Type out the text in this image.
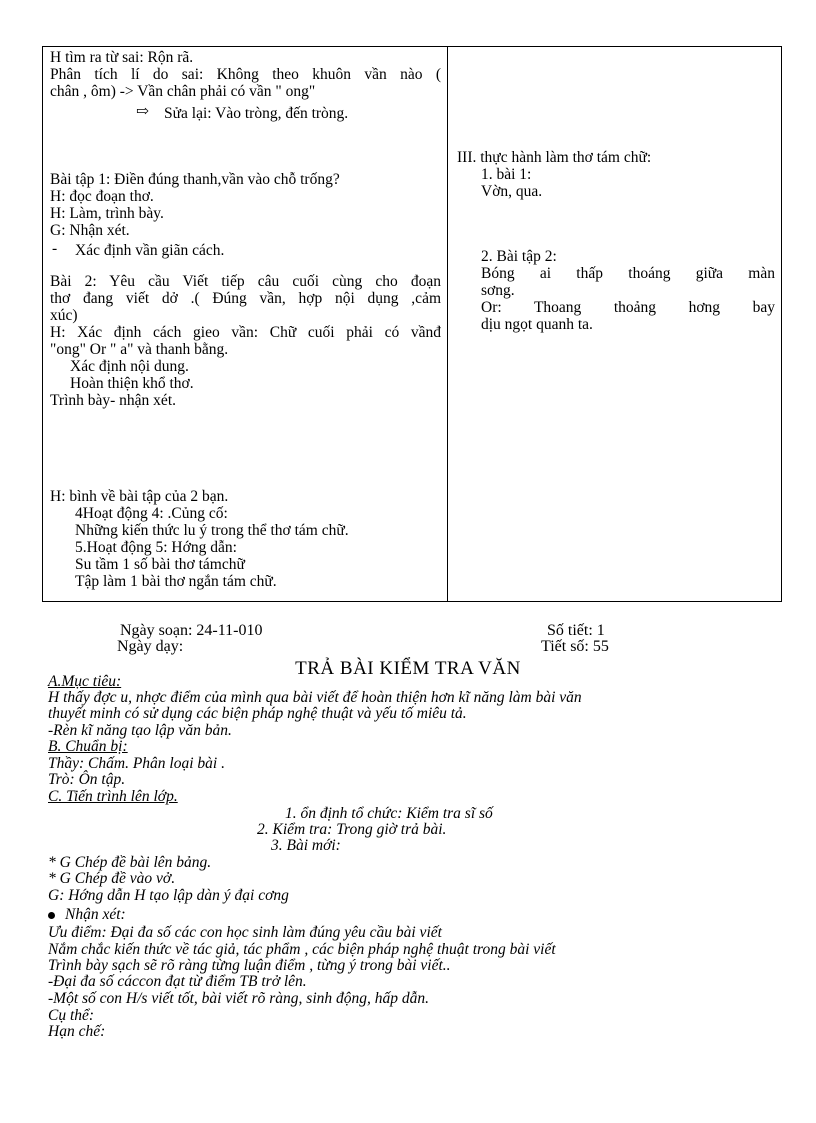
H tìm ra từ sai: Rộn rã.
Phân tích lí do sai: Không theo khuôn vần nào (
chân , ôm) -> Vần chân phải có vần " ong"
⇨ Sửa lại: Vào tròng, đến tròng.
Bài tập 1: Điền đúng thanh,vần vào chỗ trống?
H: đọc đoạn thơ.
H: Làm, trình bày.
G: Nhận xét.
- Xác định vần giãn cách.
Bài 2: Yêu cầu Viết tiếp câu cuối cùng cho đoạn
thơ đang viết dở .( Đúng vần, hợp nội dụng ,cảm
xúc)
H: Xác định cách gieo vần: Chữ cuối phải có vầnđ
"ong" Or " a" và thanh bằng.
Xác định nội dung.
Hoàn thiện khổ thơ.
Trình bày- nhận xét.
H: bình về bài tập của 2 bạn.
4Hoạt động 4: .Củng cố:
Những kiến thức lu ý trong thể thơ tám chữ.
5.Hoạt động 5: Hớng dẫn:
Su tầm 1 số bài thơ támchữ
Tập làm 1 bài thơ ngắn tám chữ.
III. thực hành làm thơ tám chữ:
1. bài 1:
Vờn, qua.
2. Bài tập 2:
Bóng ai thấp thoáng giữa màn
sơng.
Or: Thoang thoảng hơng bay
dịu ngọt quanh ta.
Ngày soạn: 24-11-010
Ngày dạy:
Số tiết: 1
Tiết số: 55
TRẢ BÀI KIỂM TRA VĂN
A.Mục tiêu:
H thấy đợc u, nhợc điểm của mình qua bài viết để hoàn thiện hơn kĩ năng làm bài văn
thuyết minh có sử dụng các biện pháp nghệ thuật và yếu tố miêu tả.
-Rèn kĩ năng tạo lập văn bản.
B. Chuẩn bị:
Thầy: Chấm. Phân loại bài .
Trò: Ôn tập.
C. Tiến trình lên lớp.
1. ổn định tổ chức: Kiểm tra sĩ số
2. Kiểm tra: Trong giờ trả bài.
3. Bài mới:
* G Chép đề bài lên bảng.
* G Chép đề vào vở.
G: Hớng dẫn H tạo lập dàn ý đại cơng
Nhận xét:
Ưu điểm: Đại đa số các con học sinh làm đúng yêu cầu bài viết
Nắm chắc kiến thức về tác giả, tác phẩm , các biện pháp nghệ thuật trong bài viết
Trình bày sạch sẽ rõ ràng từng luận điểm , từng ý trong bài viết..
-Đại đa số cáccon đạt từ điểm TB trở lên.
-Một số con H/s viết tốt, bài viết rõ ràng, sinh động, hấp dẫn.
Cụ thể:
Hạn chế:
